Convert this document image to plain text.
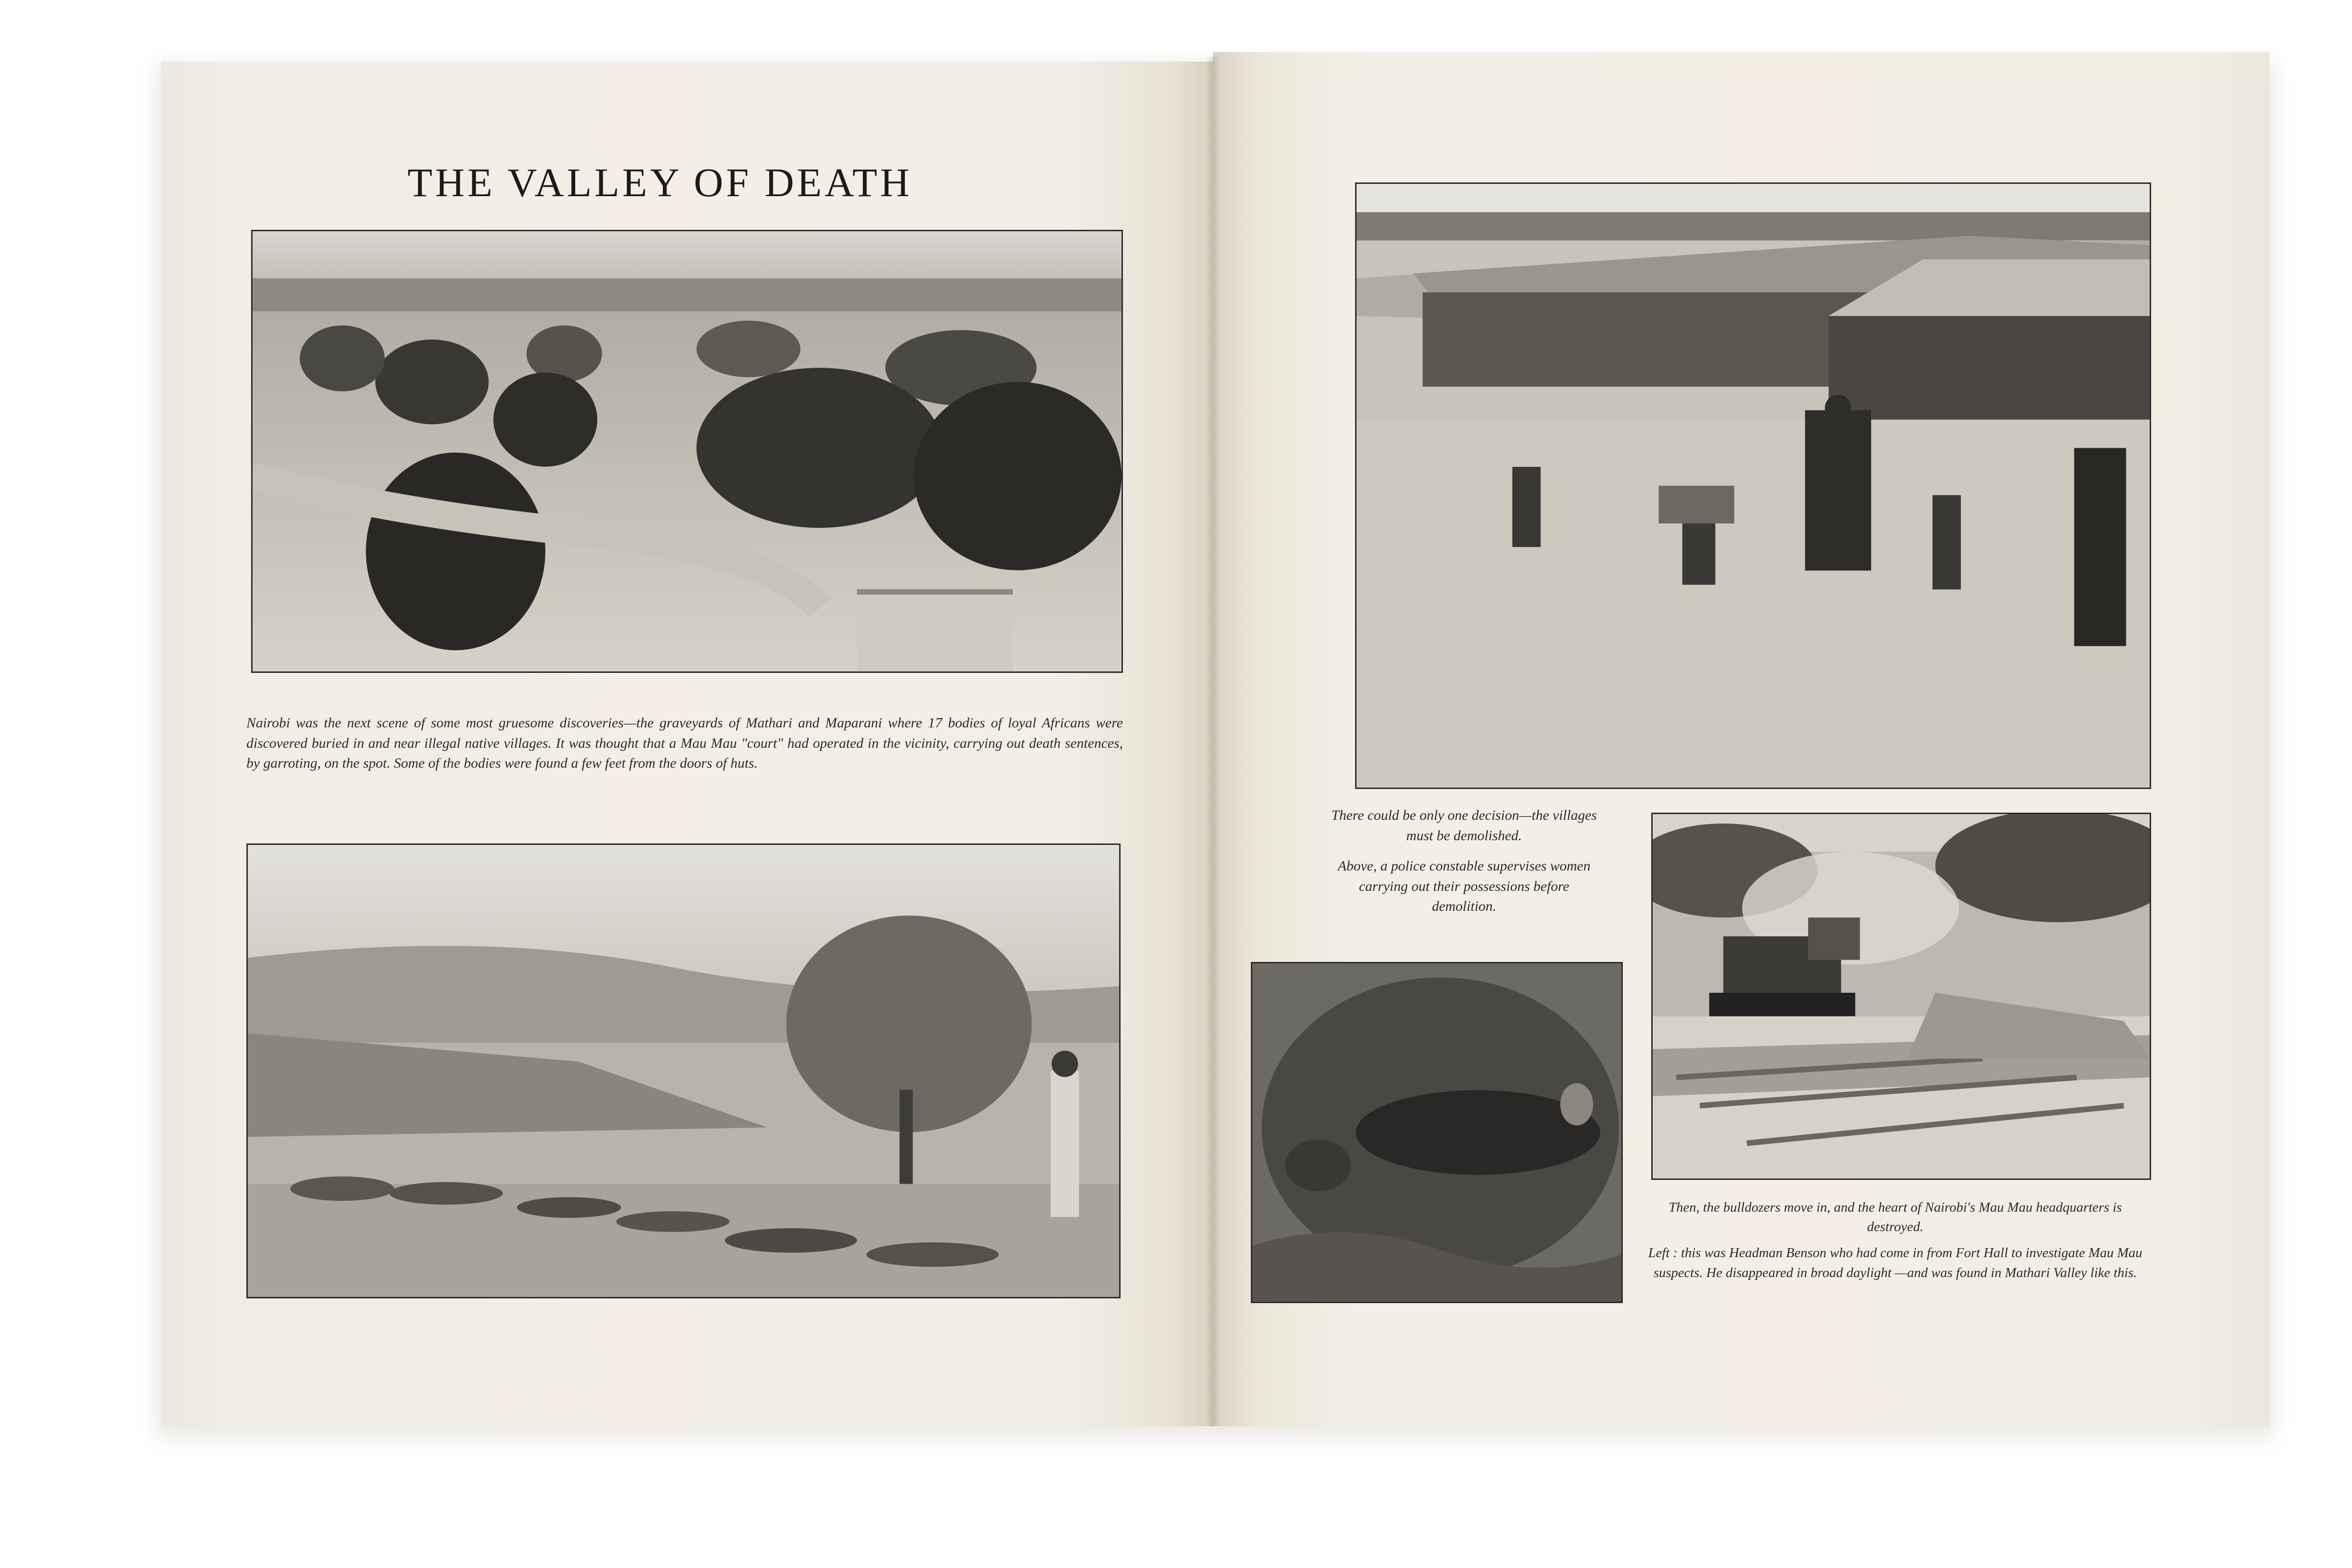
THE VALLEY OF DEATH
Nairobi was the next scene of some most gruesome discoveries—the graveyards of Mathari and Maparani where 17 bodies of loyal Africans were discovered buried in and near illegal native villages. It was thought that a Mau Mau "court" had operated in the vicinity, carrying out death sentences, by garroting, on the spot. Some of the bodies were found a few feet from the doors of huts.

There could be only one decision—the villages must be demolished.

Above, a police constable supervises women carrying out their possessions before demolition.

Then, the bulldozers move in, and the heart of Nairobi's Mau Mau headquarters is destroyed.

Left : this was Headman Benson who had come in from Fort Hall to investigate Mau Mau suspects. He disappeared in broad daylight —and was found in Mathari Valley like this.
